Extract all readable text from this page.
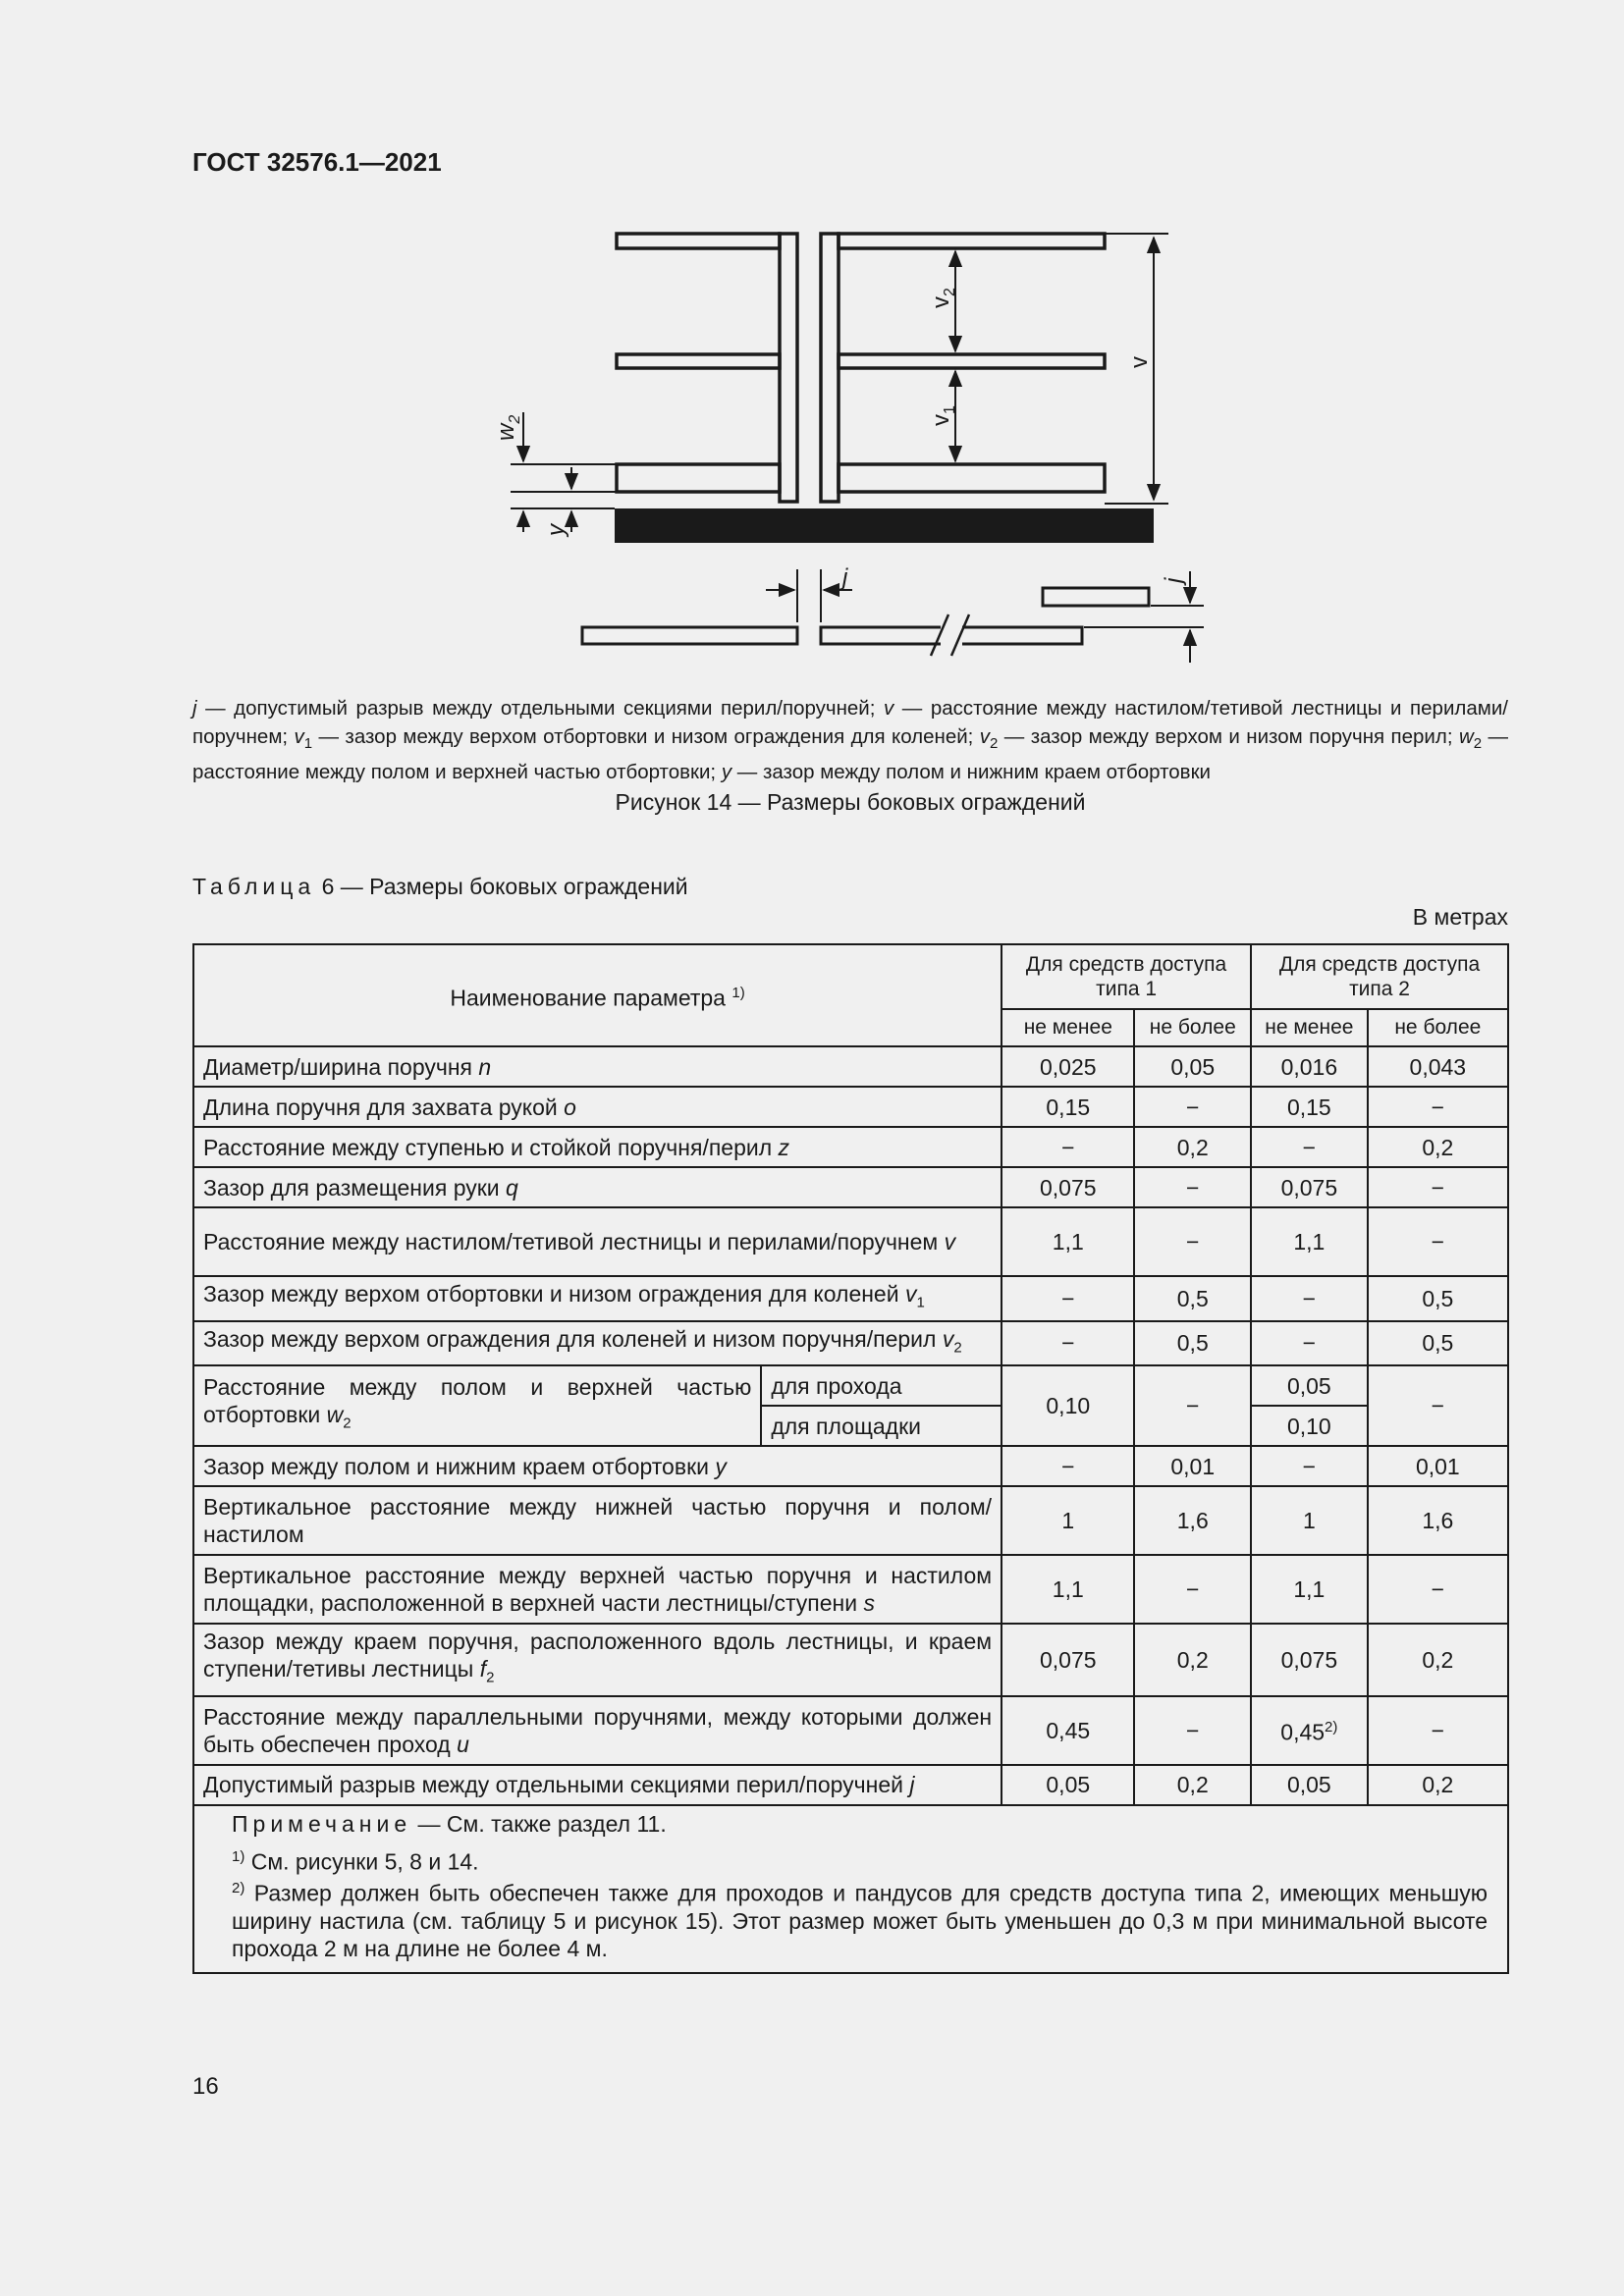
ГОСТ 32576.1—2021
v
$v_2$
$v_1$
$w_2$
y
j	j
j — допустимый разрыв между отдельными секциями перил/поручней; v — расстояние между настилом/тетивой лестницы и перилами/поручнем; $v_1$ — зазор между верхом отбортовки и низом ограждения для коленей; $v_2$ — зазор между верхом и низом поручня перил; $w_2$ — расстояние между полом и верхней частью отбортовки; y — зазор между полом и нижним краем отбортовки
Рисунок 14 — Размеры боковых ограждений
Таблица 6 — Размеры боковых ограждений
В метрах
Наименование параметра $^{1)}$		Для средств доступа типа 1		Для средств доступа типа 2	
		не менее	не более	не менее	не более
Диаметр/ширина поручня n		0,025	0,05	0,016	0,043
Длина поручня для захвата рукой o		0,15	−	0,15	−
Расстояние между ступенью и стойкой поручня/перил z		−	0,2	−	0,2
Зазор для размещения руки q		0,075	−	0,075	−
Расстояние между настилом/тетивой лестницы и перилами/поручнем v		1,1	−	1,1	−
Зазор между верхом отбортовки и низом ограждения для коленей $v_1$		−	0,5	−	0,5
Зазор между верхом ограждения для коленей и низом поручня/перил $v_2$		−	0,5	−	0,5
Расстояние между полом и верхней частью отбортовки $w_2$	для прохода	0,10	−	0,05	−
	для площадки			0,10	
Зазор между полом и нижним краем отбортовки y		−	0,01	−	0,01
Вертикальное расстояние между нижней частью поручня и полом/настилом		1	1,6	1	1,6
Вертикальное расстояние между верхней частью поручня и настилом площадки, расположенной в верхней части лестницы/ступени s		1,1	−	1,1	−
Зазор между краем поручня, расположенного вдоль лестницы, и краем ступени/тетивы лестницы $f_2$		0,075	0,2	0,075	0,2
Расстояние между параллельными поручнями, между которыми должен быть обеспечен проход u		0,45	−	$0,45^{2)}$	−
Допустимый разрыв между отдельными секциями перил/поручней j		0,05	0,2	0,05	0,2

Примечание — См. также раздел 11.
$^{1)}$ См. рисунки 5, 8 и 14.
$^{2)}$ Размер должен быть обеспечен также для проходов и пандусов для средств доступа типа 2, имеющих меньшую ширину настила (см. таблицу 5 и рисунок 15). Этот размер может быть уменьшен до 0,3 м при минимальной высоте прохода 2 м на длине не более 4 м.					
16
